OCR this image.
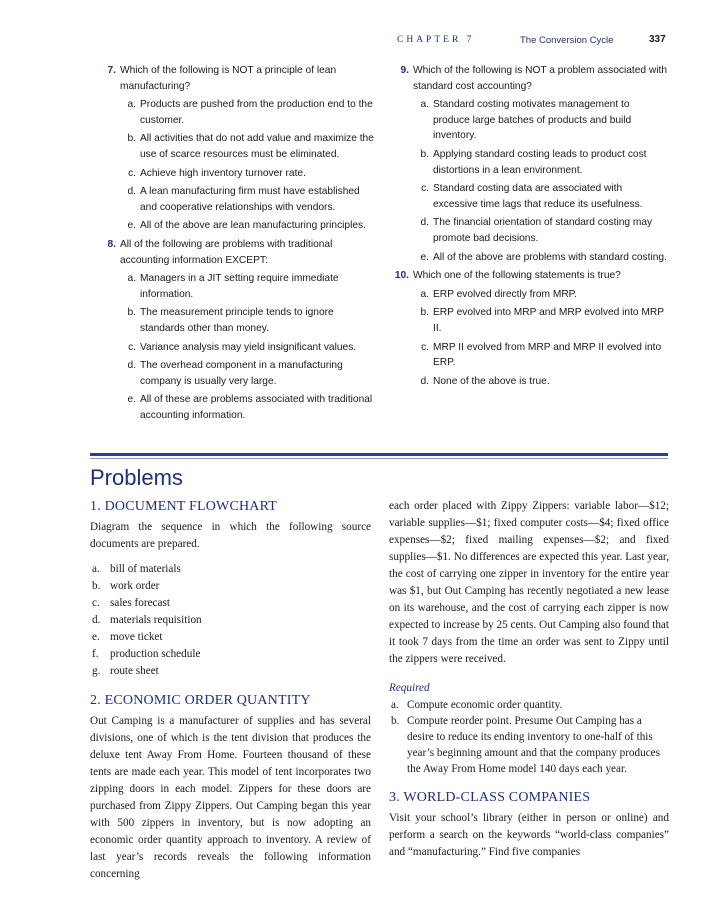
CHAPTER 7	The Conversion Cycle	337
7. Which of the following is NOT a principle of lean manufacturing?
a. Products are pushed from the production end to the customer.
b. All activities that do not add value and maximize the use of scarce resources must be eliminated.
c. Achieve high inventory turnover rate.
d. A lean manufacturing firm must have established and cooperative relationships with vendors.
e. All of the above are lean manufacturing principles.
8. All of the following are problems with traditional accounting information EXCEPT:
a. Managers in a JIT setting require immediate information.
b. The measurement principle tends to ignore standards other than money.
c. Variance analysis may yield insignificant values.
d. The overhead component in a manufacturing company is usually very large.
e. All of these are problems associated with traditional accounting information.
9. Which of the following is NOT a problem associated with standard cost accounting?
a. Standard costing motivates management to produce large batches of products and build inventory.
b. Applying standard costing leads to product cost distortions in a lean environment.
c. Standard costing data are associated with excessive time lags that reduce its usefulness.
d. The financial orientation of standard costing may promote bad decisions.
e. All of the above are problems with standard costing.
10. Which one of the following statements is true?
a. ERP evolved directly from MRP.
b. ERP evolved into MRP and MRP evolved into MRP II.
c. MRP II evolved from MRP and MRP II evolved into ERP.
d. None of the above is true.
Problems
1. DOCUMENT FLOWCHART

Diagram the sequence in which the following source documents are prepared.

a. bill of materials
b. work order
c. sales forecast
d. materials requisition
e. move ticket
f. production schedule
g. route sheet
2. ECONOMIC ORDER QUANTITY

Out Camping is a manufacturer of supplies and has several divisions, one of which is the tent division that produces the deluxe tent Away From Home. Fourteen thousand of these tents are made each year. This model of tent incorporates two zipping doors in each model. Zippers for these doors are purchased from Zippy Zippers. Out Camping began this year with 500 zippers in inventory, but is now adopting an economic order quantity approach to inventory. A review of last year’s records reveals the following information concerning

each order placed with Zippy Zippers: variable labor—$12; variable supplies—$1; fixed computer costs—$4; fixed office expenses—$2; fixed mailing expenses—$2; and fixed supplies—$1. No differences are expected this year. Last year, the cost of carrying one zipper in inventory for the entire year was $1, but Out Camping has recently negotiated a new lease on its warehouse, and the cost of carrying each zipper is now expected to increase by 25 cents. Out Camping also found that it took 7 days from the time an order was sent to Zippy until the zippers were received.

Required

a. Compute economic order quantity.
b. Compute reorder point. Presume Out Camping has a desire to reduce its ending inventory to one-half of this year’s beginning amount and that the company produces the Away From Home model 140 days each year.
3. WORLD-CLASS COMPANIES

Visit your school’s library (either in person or online) and perform a search on the keywords “world-class companies” and “manufacturing.” Find five companies
